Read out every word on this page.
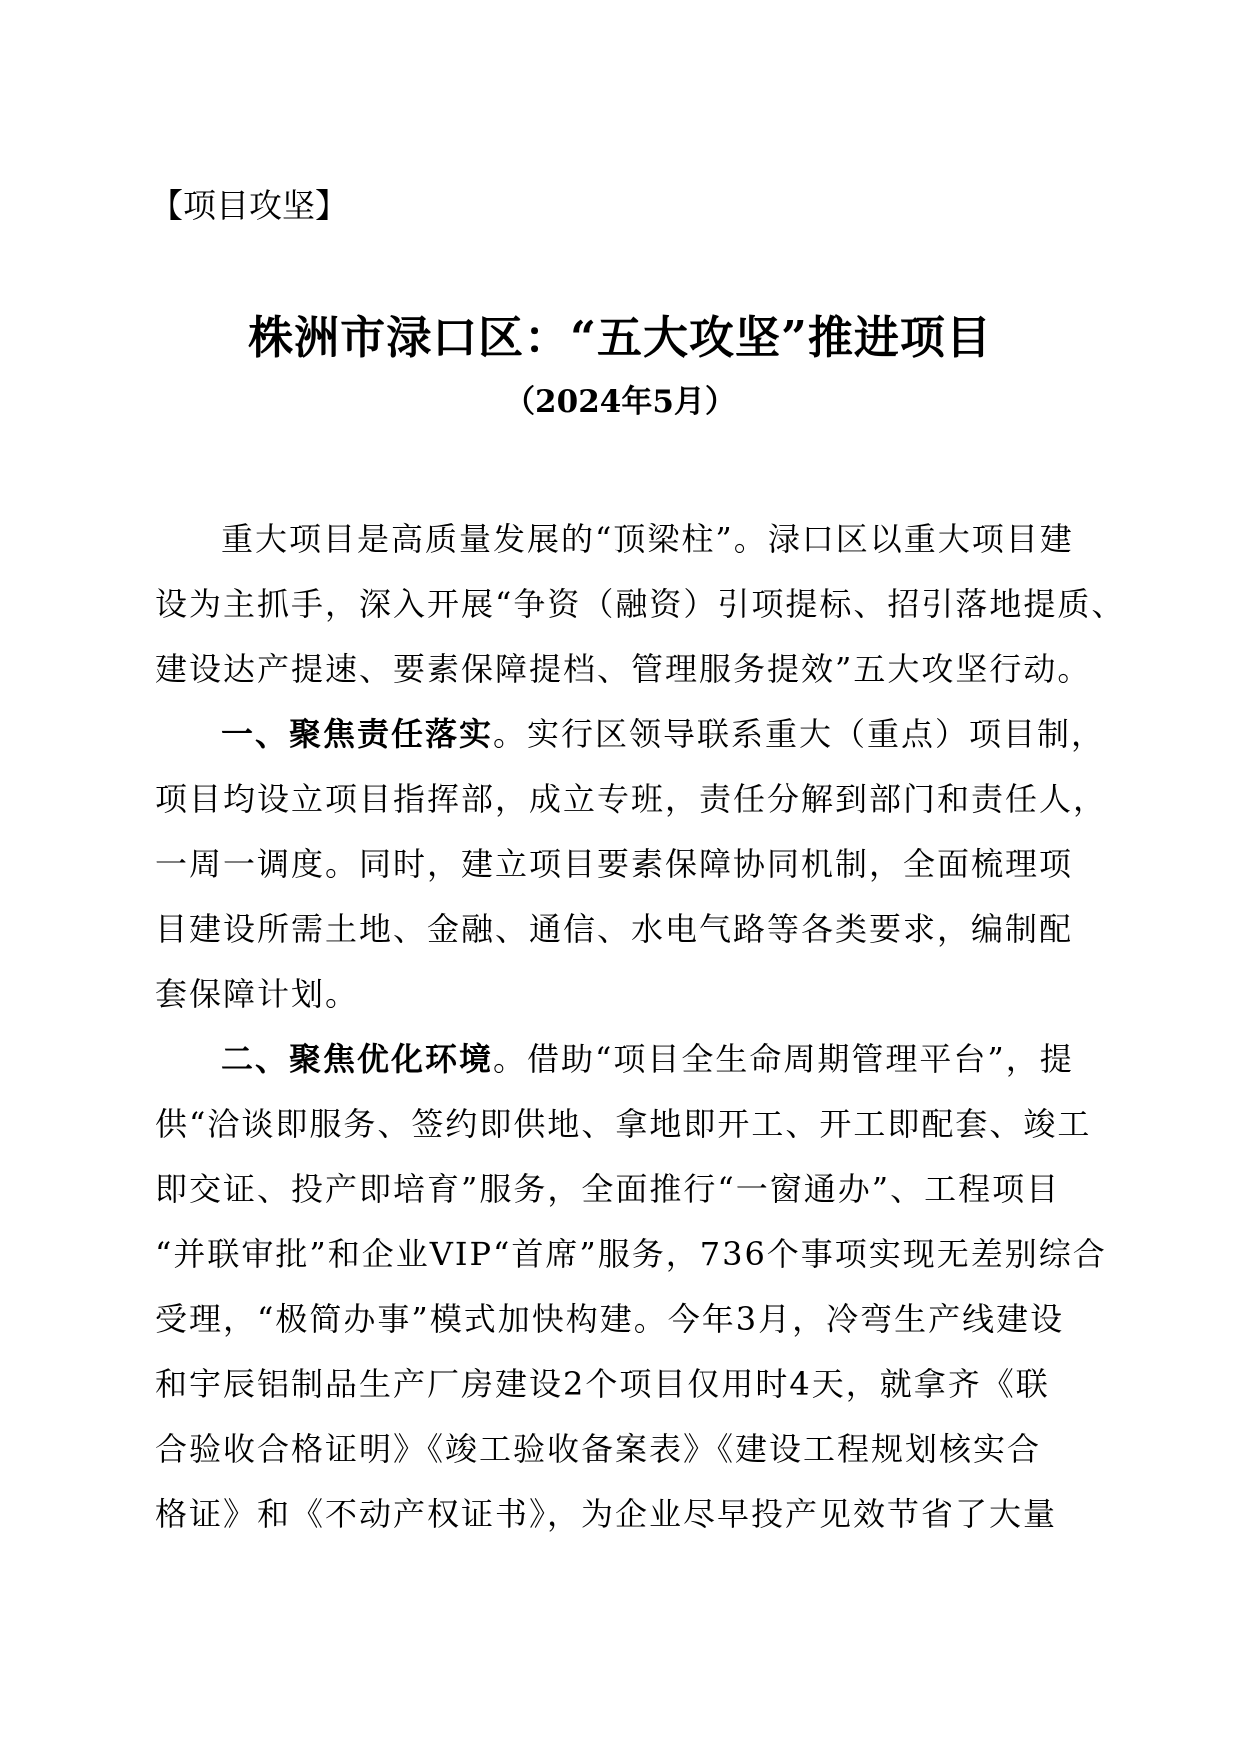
【项目攻坚】
株洲市渌口区：“五大攻坚”推进项目
（2024年5月）
重大项目是高质量发展的“顶梁柱”。渌口区以重大项目建
设为主抓手，深入开展“争资（融资）引项提标、招引落地提质、
建设达产提速、要素保障提档、管理服务提效”五大攻坚行动。
一、聚焦责任落实。实行区领导联系重大（重点）项目制，
项目均设立项目指挥部，成立专班，责任分解到部门和责任人，
一周一调度。同时，建立项目要素保障协同机制，全面梳理项
目建设所需土地、金融、通信、水电气路等各类要求，编制配
套保障计划。
二、聚焦优化环境。借助“项目全生命周期管理平台”，提
供“洽谈即服务、签约即供地、拿地即开工、开工即配套、竣工
即交证、投产即培育”服务，全面推行“一窗通办”、工程项目
“并联审批”和企业VIP“首席”服务，736个事项实现无差别综合
受理，“极简办事”模式加快构建。今年3月，冷弯生产线建设
和宇辰铝制品生产厂房建设2个项目仅用时4天，就拿齐《联
合验收合格证明》《竣工验收备案表》《建设工程规划核实合
格证》和《不动产权证书》，为企业尽早投产见效节省了大量
